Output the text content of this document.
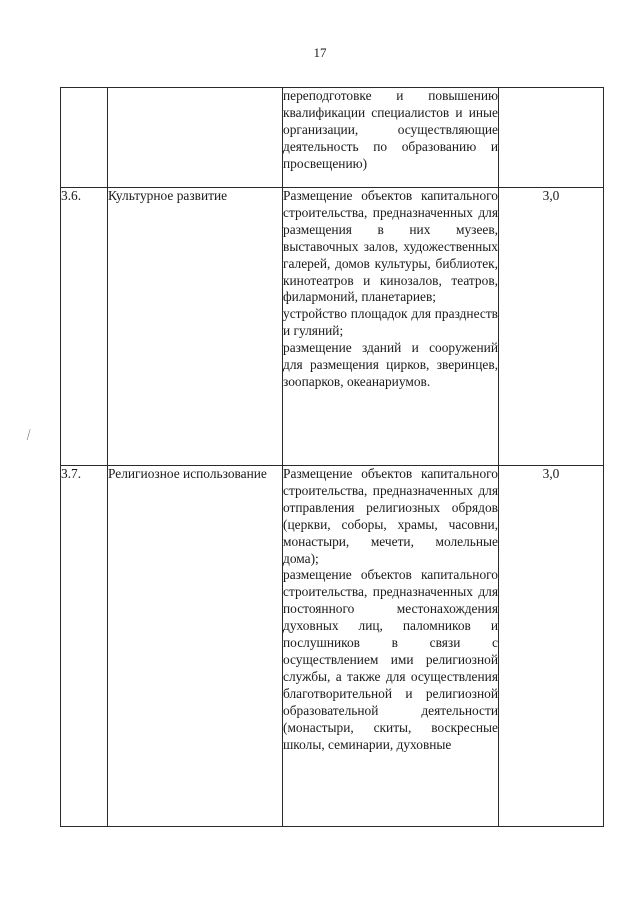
17
⁄

		переподготовке и повышению квалификации специалистов и иные организации, осуществляющие деятельность по образованию и просвещению)	

3.6.	Культурное развитие	Размещение объектов капитального строительства, предназначенных для размещения в них музеев, выставочных залов, художественных галерей, домов культуры, библиотек, кинотеатров и кинозалов, театров, филармоний, планетариев;

устройство площадок для празднеств и гуляний;

размещение зданий и сооружений для размещения цирков, зверинцев, зоопарков, океанариумов.	3,0
3.7.	Религиозное использование	Размещение объектов капитального строительства, предназначенных для отправления религиозных обрядов (церкви, соборы, храмы, часовни, монастыри, мечети, молельные дома);

размещение объектов капитального строительства, предназначенных для постоянного местонахождения духовных лиц, паломников и послушников в связи с осуществлением ими религиозной службы, а также для осуществления благотворительной и религиозной образовательной деятельности (монастыри, скиты, воскресные школы, семинарии, духовные	3,0
